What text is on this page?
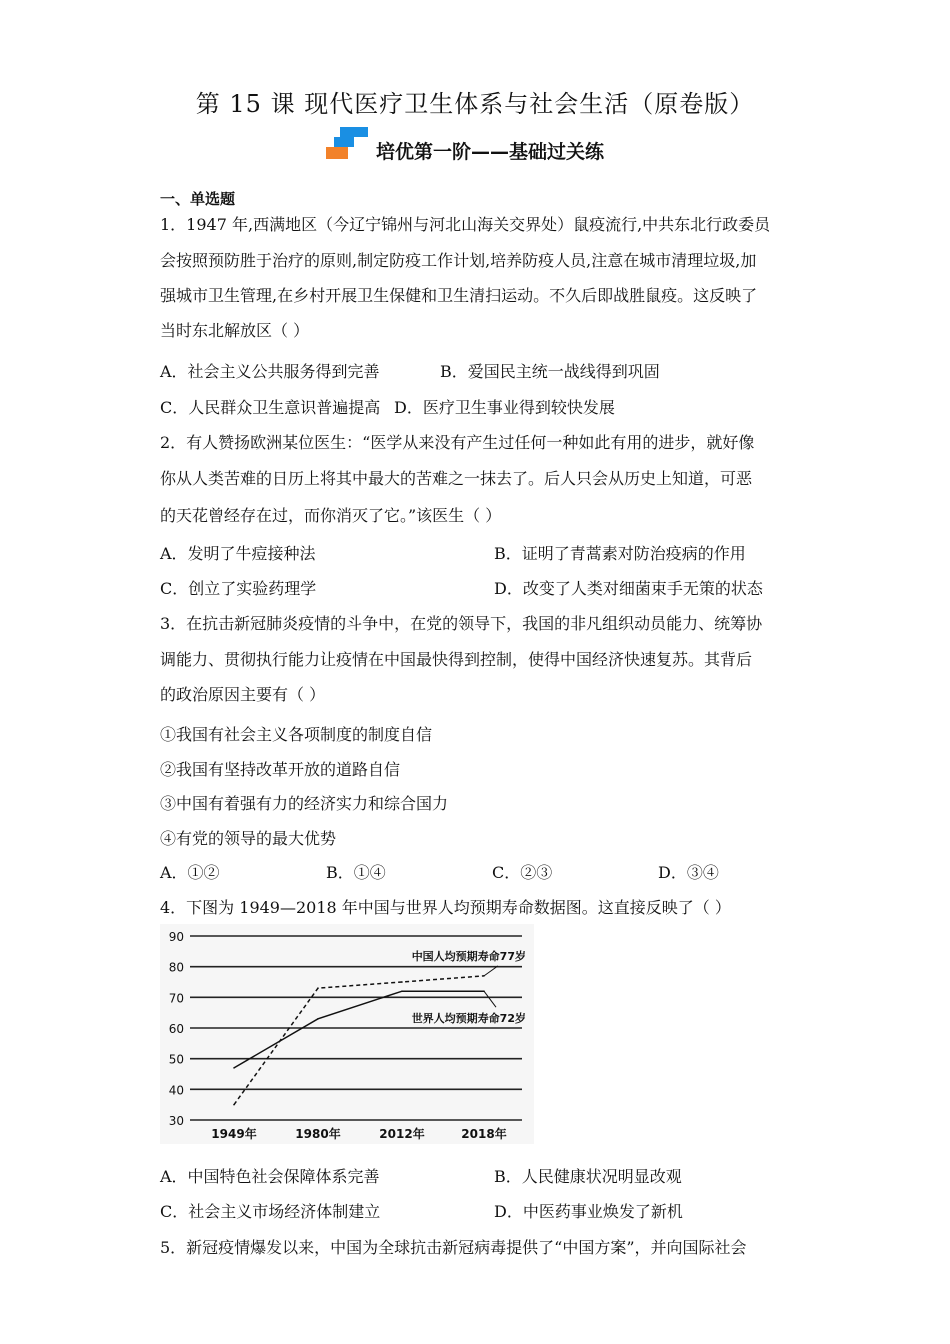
第 15 课 现代医疗卫生体系与社会生活（原卷版）
培优第一阶——基础过关练
一、单选题
1．1947 年,西满地区（今辽宁锦州与河北山海关交界处）鼠疫流行,中共东北行政委员
会按照预防胜于治疗的原则,制定防疫工作计划,培养防疫人员,注意在城市清理垃圾,加
强城市卫生管理,在乡村开展卫生保健和卫生清扫运动。不久后即战胜鼠疫。这反映了
当时东北解放区（ ）
A．社会主义公共服务得到完善	B．爱国民主统一战线得到巩固
C．人民群众卫生意识普遍提高 D．医疗卫生事业得到较快发展
2．有人赞扬欧洲某位医生：“医学从来没有产生过任何一种如此有用的进步，就好像
你从人类苦难的日历上将其中最大的苦难之一抹去了。后人只会从历史上知道，可恶
的天花曾经存在过，而你消灭了它。”该医生（ ）
A．发明了牛痘接种法	B．证明了青蒿素对防治疫病的作用
C．创立了实验药理学	D．改变了人类对细菌束手无策的状态
3．在抗击新冠肺炎疫情的斗争中，在党的领导下，我国的非凡组织动员能力、统筹协
调能力、贯彻执行能力让疫情在中国最快得到控制，使得中国经济快速复苏。其背后
的政治原因主要有（ ）
①我国有社会主义各项制度的制度自信
②我国有坚持改革开放的道路自信
③中国有着强有力的经济实力和综合国力
④有党的领导的最大优势
A．①②	B．①④	C．②③	D．③④
4．下图为 1949—2018 年中国与世界人均预期寿命数据图。这直接反映了（ ）
90
80
70
60
50
40
30
1949年	1980年	2012年	2018年
中国人均预期寿命77岁
世界人均预期寿命72岁
A．中国特色社会保障体系完善	B．人民健康状况明显改观
C．社会主义市场经济体制建立	D．中医药事业焕发了新机
5．新冠疫情爆发以来，中国为全球抗击新冠病毒提供了“中国方案”，并向国际社会
